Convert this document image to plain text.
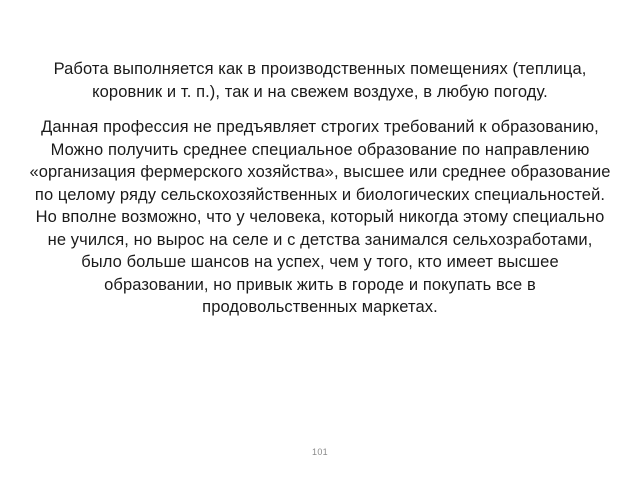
Работа выполняется как в производственных помещениях (теплица, коровник и т. п.), так и на свежем воздухе, в любую погоду.

Данная профессия не предъявляет строгих требований к образованию, Можно получить среднее специальное образование по направлению «организация фермерского хозяйства», высшее или среднее образование по целому ряду сельскохозяйственных и биологических специальностей. Но вполне возможно, что у человека, который никогда этому специально не учился, но вырос на селе и с детства занимался сельхозработами, было больше шансов на успех, чем у того, кто имеет высшее образовании, но привык жить в городе и покупать все в продовольственных маркетах.

101
